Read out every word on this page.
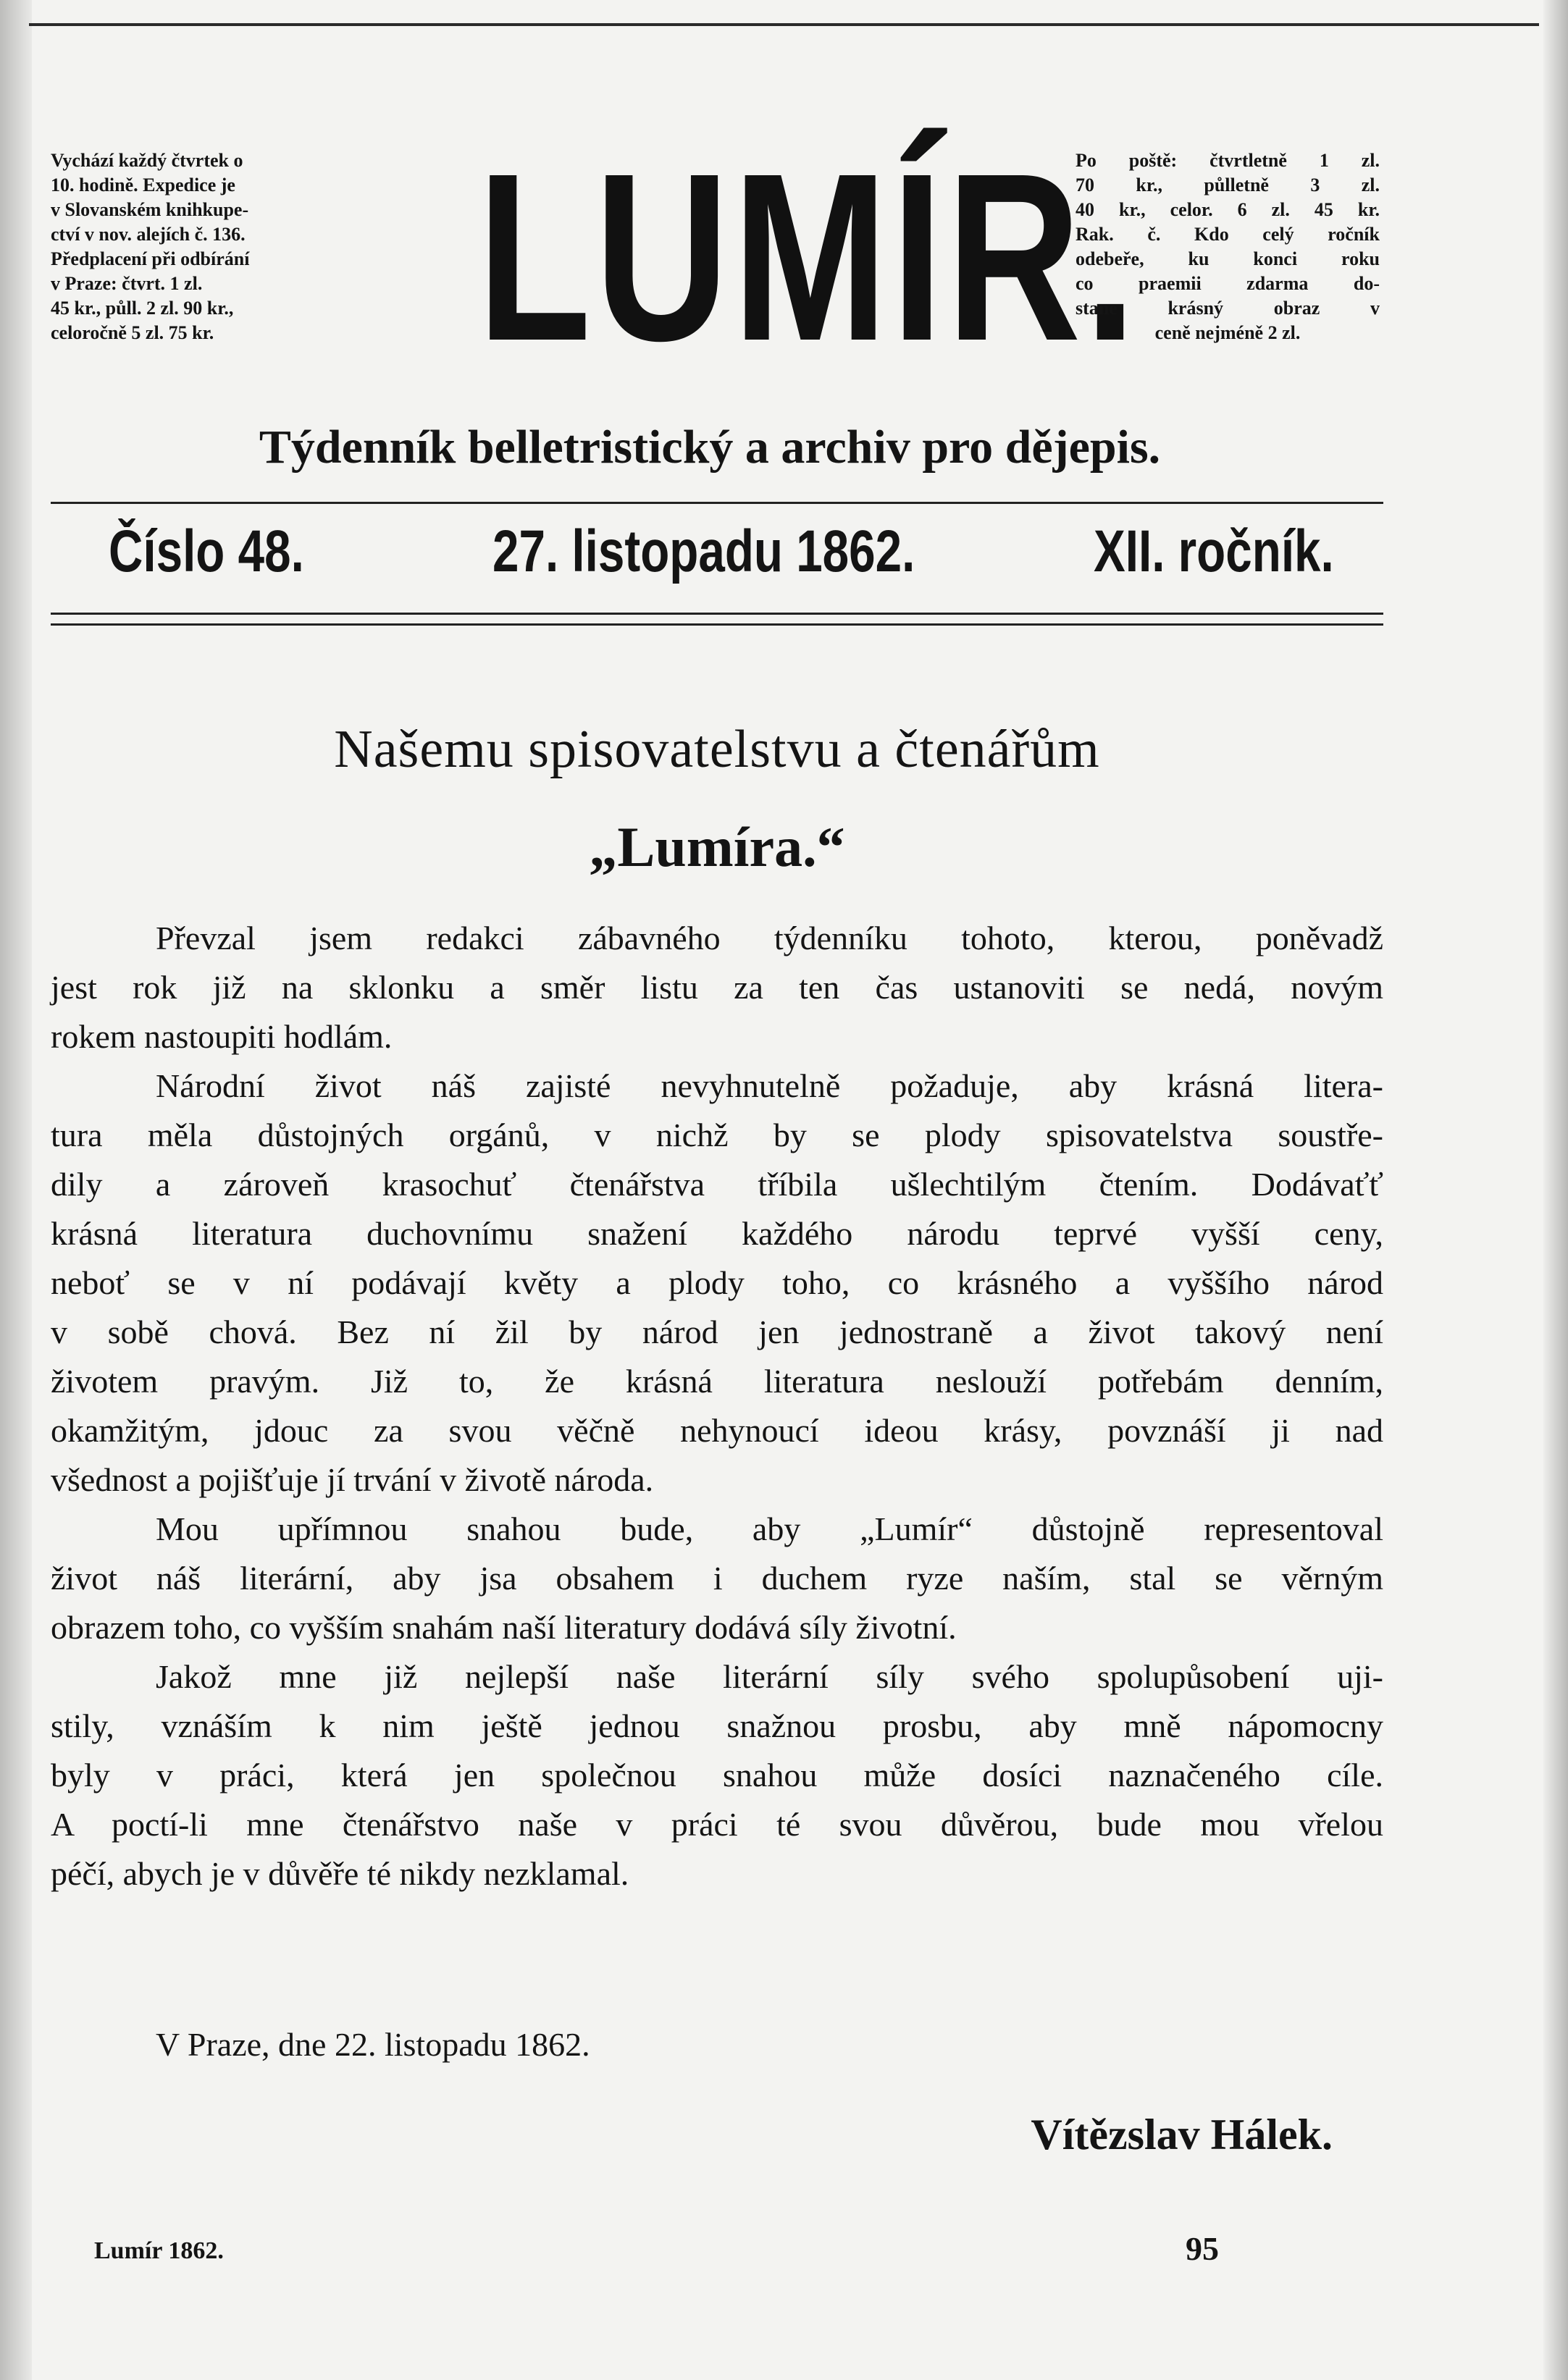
Vychází každý čtvrtek o
10. hodině. Expedice je
v Slovanském knihkupe-
ctví v nov. alejích č. 136.
Předplacení při odbírání
v Praze: čtvrt. 1 zl.
45 kr., půll. 2 zl. 90 kr.,
celoročně 5 zl. 75 kr.	LUMÍR.
Po poště: čtvrtletně 1 zl.
70 kr., půlletně 3 zl.
40 kr., celor. 6 zl. 45 kr.
Rak. č. Kdo celý ročník
odebeře, ku konci roku
co praemii zdarma do-
stane krásný obraz v
ceně nejméně 2 zl.
Týdenník belletristický a archiv pro dějepis.
Číslo 48.	27. listopadu 1862.	XII. ročník.
Našemu spisovatelstvu a čtenářům
„Lumíra.“
Převzal jsem redakci zábavného týdenníku tohoto, kterou, poněvadž
jest rok již na sklonku a směr listu za ten čas ustanoviti se nedá, novým
rokem nastoupiti hodlám.
Národní život náš zajisté nevyhnutelně požaduje, aby krásná litera-
tura měla důstojných orgánů, v nichž by se plody spisovatelstva soustře-
dily a zároveň krasochuť čtenářstva tříbila ušlechtilým čtením. Dodávaťť
krásná literatura duchovnímu snažení každého národu teprvé vyšší ceny,
neboť se v ní podávají květy a plody toho, co krásného a vyššího národ
v sobě chová. Bez ní žil by národ jen jednostraně a život takový není
životem pravým. Již to, že krásná literatura neslouží potřebám denním,
okamžitým, jdouc za svou věčně nehynoucí ideou krásy, povznáší ji nad
všednost a pojišťuje jí trvání v životě národa.
Mou upřímnou snahou bude, aby „Lumír“ důstojně representoval
život náš literární, aby jsa obsahem i duchem ryze naším, stal se věrným
obrazem toho, co vyšším snahám naší literatury dodává síly životní.
Jakož mne již nejlepší naše literární síly svého spolupůsobení uji-
stily, vznáším k nim ještě jednou snažnou prosbu, aby mně nápomocny
byly v práci, která jen společnou snahou může dosíci naznačeného cíle.
A poctí-li mne čtenářstvo naše v práci té svou důvěrou, bude mou vřelou
péčí, abych je v důvěře té nikdy nezklamal.
V Praze, dne 22. listopadu 1862.
Vítězslav Hálek.
Lumír 1862.	95
